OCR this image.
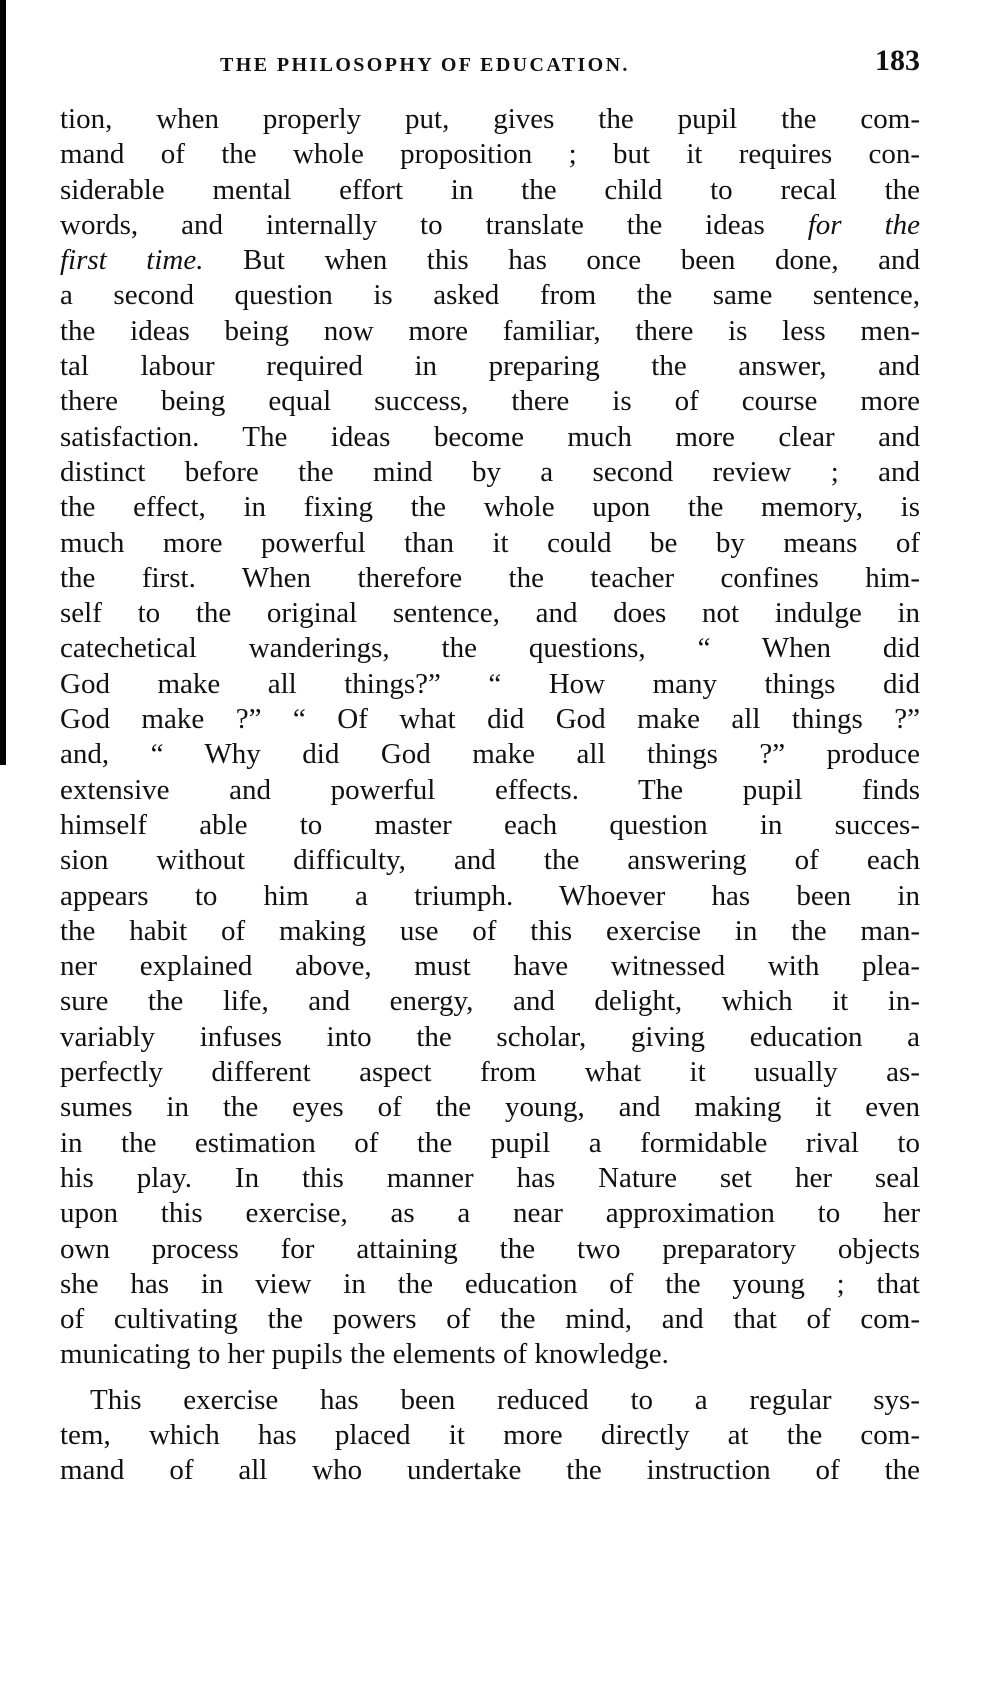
THE PHILOSOPHY OF EDUCATION.	183
tion, when properly put, gives the pupil the com-
mand of the whole proposition ; but it requires con-
siderable mental effort in the child to recal the
words, and internally to translate the ideas for the
first time. But when this has once been done, and
a second question is asked from the same sentence,
the ideas being now more familiar, there is less men-
tal labour required in preparing the answer, and
there being equal success, there is of course more
satisfaction. The ideas become much more clear and
distinct before the mind by a second review ; and
the effect, in fixing the whole upon the memory, is
much more powerful than it could be by means of
the first. When therefore the teacher confines him-
self to the original sentence, and does not indulge in
catechetical wanderings, the questions, “ When did
God make all things?” “ How many things did
God make ?” “ Of what did God make all things ?”
and, “ Why did God make all things ?” produce
extensive and powerful effects. The pupil finds
himself able to master each question in succes-
sion without difficulty, and the answering of each
appears to him a triumph. Whoever has been in
the habit of making use of this exercise in the man-
ner explained above, must have witnessed with plea-
sure the life, and energy, and delight, which it in-
variably infuses into the scholar, giving education a
perfectly different aspect from what it usually as-
sumes in the eyes of the young, and making it even
in the estimation of the pupil a formidable rival to
his play. In this manner has Nature set her seal
upon this exercise, as a near approximation to her
own process for attaining the two preparatory objects
she has in view in the education of the young ; that
of cultivating the powers of the mind, and that of com-
municating to her pupils the elements of knowledge.
This exercise has been reduced to a regular sys-
tem, which has placed it more directly at the com-
mand of all who undertake the instruction of the
